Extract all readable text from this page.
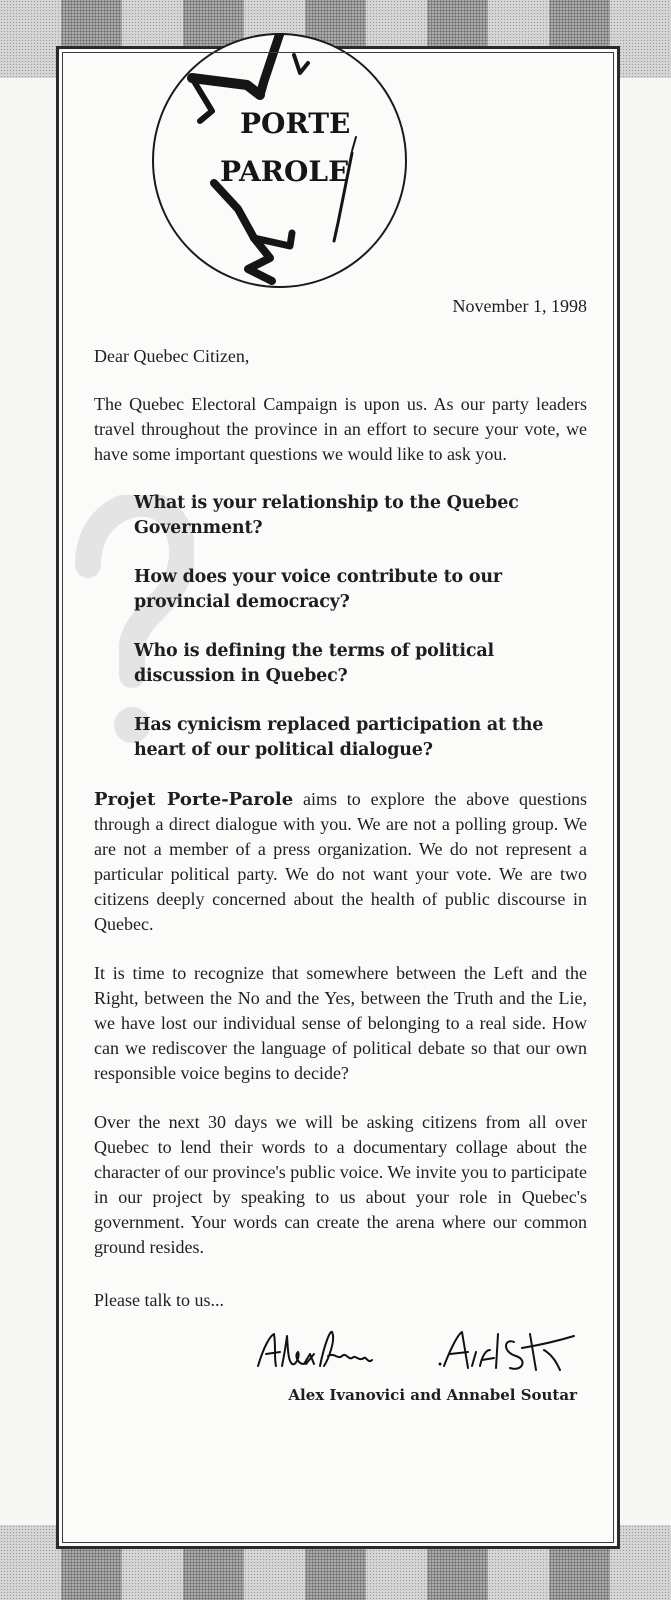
PORTE
PAROLE
November 1, 1998
Dear Quebec Citizen,

The Quebec Electoral Campaign is upon us. As our party leaders travel throughout the province in an effort to secure your vote, we have some important questions we would like to ask you.

What is your relationship to the Quebec Government?

How does your voice contribute to our provincial democracy?

Who is defining the terms of political discussion in Quebec?

Has cynicism replaced participation at the heart of our political dialogue?

Projet Porte-Parole aims to explore the above questions through a direct dialogue with you. We are not a polling group. We are not a member of a press organization. We do not represent a particular political party. We do not want your vote. We are two citizens deeply concerned about the health of public discourse in Quebec.

It is time to recognize that somewhere between the Left and the Right, between the No and the Yes, between the Truth and the Lie, we have lost our individual sense of belonging to a real side. How can we rediscover the language of political debate so that our own responsible voice begins to decide?

Over the next 30 days we will be asking citizens from all over Quebec to lend their words to a documentary collage about the character of our province's public voice. We invite you to participate in our project by speaking to us about your role in Quebec's government. Your words can create the arena where our common ground resides.

Please talk to us...
Alex Ivanovici and Annabel Soutar
